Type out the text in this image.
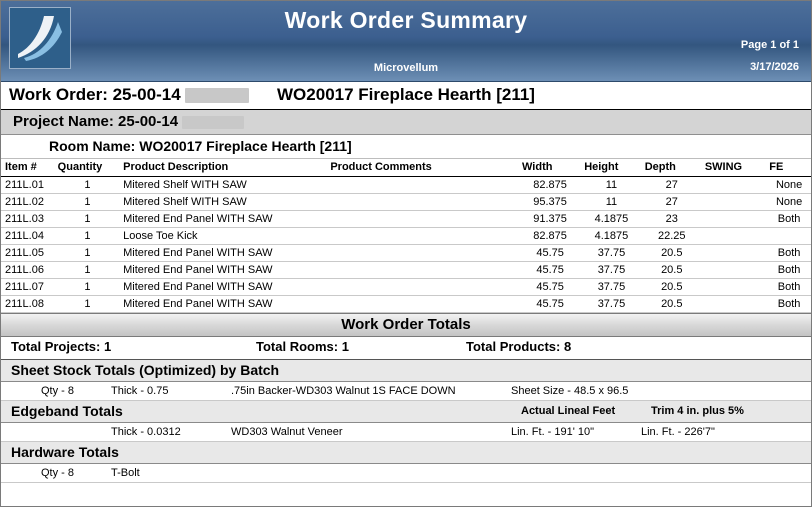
Work Order Summary
Microvellum
Page 1 of 1
3/17/2026
Work Order: 25-00-14	WO20017 Fireplace Hearth [211]
Project Name: 25-00-14
Room Name: WO20017 Fireplace Hearth [211]
Item #	Quantity	Product Description	Product Comments	Width	Height	Depth	SWING	FE
211L.01	1	Mitered Shelf WITH SAW		82.875	11	27		None
211L.02	1	Mitered Shelf WITH SAW		95.375	11	27		None
211L.03	1	Mitered End Panel WITH SAW		91.375	4.1875	23		Both
211L.04	1	Loose Toe Kick		82.875	4.1875	22.25		
211L.05	1	Mitered End Panel WITH SAW		45.75	37.75	20.5		Both
211L.06	1	Mitered End Panel WITH SAW		45.75	37.75	20.5		Both
211L.07	1	Mitered End Panel WITH SAW		45.75	37.75	20.5		Both
211L.08	1	Mitered End Panel WITH SAW		45.75	37.75	20.5		Both
Work Order Totals
Total Projects: 1	Total Rooms: 1	Total Products: 8
Sheet Stock Totals (Optimized) by Batch
Qty - 8	Thick - 0.75	.75in Backer-WD303 Walnut 1S FACE DOWN	Sheet Size - 48.5 x 96.5
Edgeband Totals	Actual Lineal Feet	Trim 4 in. plus 5%
Thick - 0.0312	WD303 Walnut Veneer	Lin. Ft. - 191' 10"	Lin. Ft. - 226'7"
Hardware Totals
Qty - 8	T-Bolt
